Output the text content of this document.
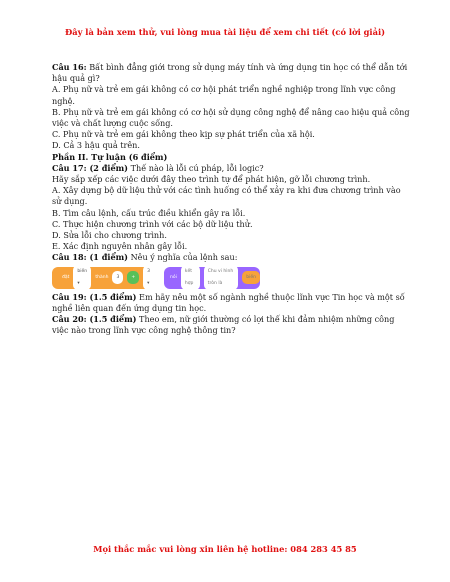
Đây là bản xem thử, vui lòng mua tài liệu để xem chi tiết (có lời giải)

Câu 16: Bất bình đẳng giới trong sử dụng máy tính và ứng dụng tin học có thể dẫn tới hậu quả gì?

A. Phụ nữ và trẻ em gái không có cơ hội phát triển nghề nghiệp trong lĩnh vực công nghệ.

B. Phụ nữ và trẻ em gái không có cơ hội sử dụng công nghệ để nâng cao hiệu quả công việc và chất lượng cuộc sống.

C. Phụ nữ và trẻ em gái không theo kịp sự phát triển của xã hội.

D. Cả 3 hậu quả trên.

Phần II. Tự luận (6 điểm)

Câu 17: (2 điểm) Thế nào là lỗi cú pháp, lỗi logic?

Hãy sắp xếp các việc dưới đây theo trình tự để phát hiện, gỡ lỗi chương trình.

A. Xây dựng bộ dữ liệu thử với các tình huống có thể xảy ra khi đưa chương trình vào sử dụng.

B. Tìm câu lệnh, cấu trúc điều khiển gây ra lỗi.

C. Thực hiện chương trình với các bộ dữ liệu thử.

D. Sửa lỗi cho chương trình.

E. Xác định nguyên nhân gây lỗi.

Câu 18: (1 điểm) Nêu ý nghĩa của lệnh sau:

đặt
biến ▾
thành	3	+
3 ▾
nói
kết hợp
Chu vi hình tròn là
biến

Câu 19: (1.5 điểm) Em hãy nêu một số ngành nghề thuộc lĩnh vực Tin học và một số nghề liên quan đến ứng dụng tin học.

Câu 20: (1.5 điểm) Theo em, nữ giới thường có lợi thế khi đảm nhiệm những công việc nào trong lĩnh vực công nghệ thông tin?

Mọi thắc mắc vui lòng xin liên hệ hotline: 084 283 45 85
